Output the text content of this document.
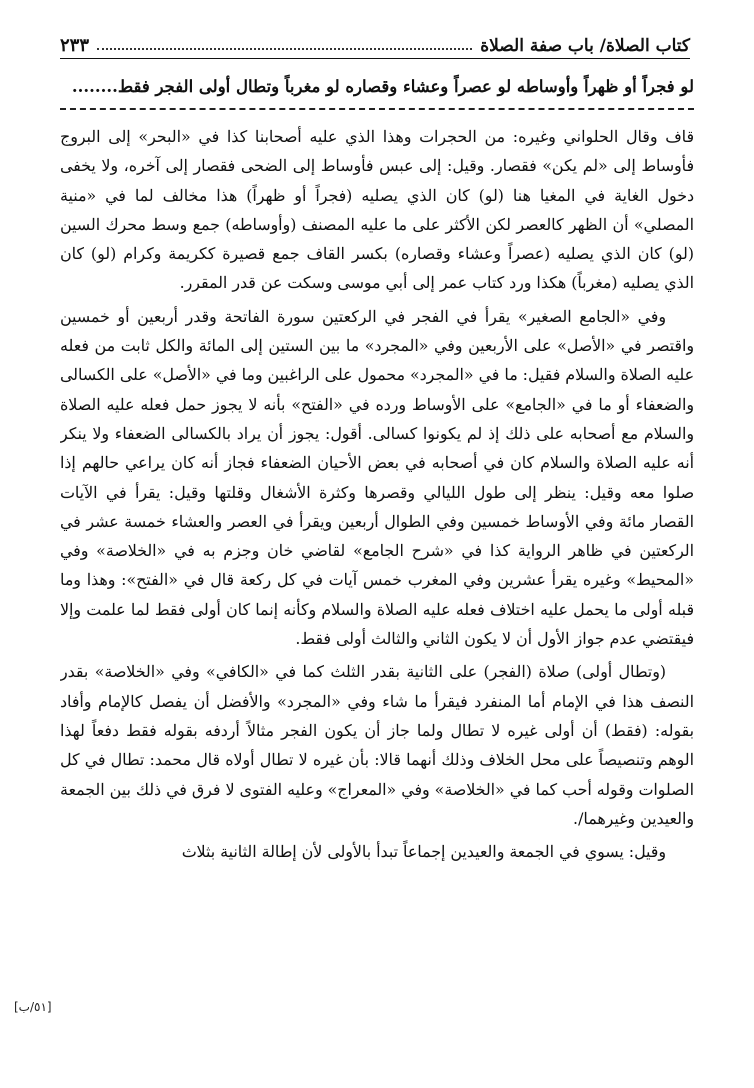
كتاب الصلاة/ باب صفة الصلاة
٢٣٣
لو فجراً أو ظهراً وأوساطه لو عصراً وعشاء وقصاره لو مغرباً وتطال أولى الفجر فقط........

قاف وقال الحلواني وغيره: من الحجرات وهذا الذي عليه أصحابنا كذا في «البحر» إلى البروج فأوساط إلى «لم يكن» فقصار. وقيل: إلى عبس فأوساط إلى الضحى فقصار إلى آخره، ولا يخفى دخول الغاية في المغيا هنا (لو) كان الذي يصليه (فجراً أو ظهراً) هذا مخالف لما في «منية المصلي» أن الظهر كالعصر لكن الأكثر على ما عليه المصنف (وأوساطه) جمع وسط محرك السين (لو) كان الذي يصليه (عصراً وعشاء وقصاره) بكسر القاف جمع قصيرة ككريمة وكرام (لو) كان الذي يصليه (مغرباً) هكذا ورد كتاب عمر إلى أبي موسى وسكت عن قدر المقرر.

وفي «الجامع الصغير» يقرأ في الفجر في الركعتين سورة الفاتحة وقدر أربعين أو خمسين واقتصر في «الأصل» على الأربعين وفي «المجرد» ما بين الستين إلى المائة والكل ثابت من فعله عليه الصلاة والسلام فقيل: ما في «المجرد» محمول على الراغبين وما في «الأصل» على الكسالى والضعفاء أو ما في «الجامع» على الأوساط ورده في «الفتح» بأنه لا يجوز حمل فعله عليه الصلاة والسلام مع أصحابه على ذلك إذ لم يكونوا كسالى. أقول: يجوز أن يراد بالكسالى الضعفاء ولا ينكر أنه عليه الصلاة والسلام كان في أصحابه في بعض الأحيان الضعفاء فجاز أنه كان يراعي حالهم إذا صلوا معه وقيل: ينظر إلى طول الليالي وقصرها وكثرة الأشغال وقلتها وقيل: يقرأ في الآيات القصار مائة وفي الأوساط خمسين وفي الطوال أربعين ويقرأ في العصر والعشاء خمسة عشر في الركعتين في ظاهر الرواية كذا في «شرح الجامع» لقاضي خان وجزم به في «الخلاصة» وفي «المحيط» وغيره يقرأ عشرين وفي المغرب خمس آيات في كل ركعة قال في «الفتح»: وهذا وما قبله أولى ما يحمل عليه اختلاف فعله عليه الصلاة والسلام وكأنه إنما كان أولى فقط لما علمت وإلا فيقتضي عدم جواز الأول أن لا يكون الثاني والثالث أولى فقط.

(وتطال أولى) صلاة (الفجر) على الثانية بقدر الثلث كما في «الكافي» وفي «الخلاصة» بقدر النصف هذا في الإمام أما المنفرد فيقرأ ما شاء وفي «المجرد» والأفضل أن يفصل كالإمام وأفاد بقوله: (فقط) أن أولى غيره لا تطال ولما جاز أن يكون الفجر مثالاً أردفه بقوله فقط دفعاً لهذا الوهم وتنصيصاً على محل الخلاف وذلك أنهما قالا: بأن غيره لا تطال أولاه قال محمد: تطال في كل الصلوات وقوله أحب كما في «الخلاصة» وفي «المعراج» وعليه الفتوى لا فرق في ذلك بين الجمعة والعيدين وغيرهما/.

وقيل: يسوي في الجمعة والعيدين إجماعاً تبدأ بالأولى لأن إطالة الثانية بثلاث

[٥١/ب]
